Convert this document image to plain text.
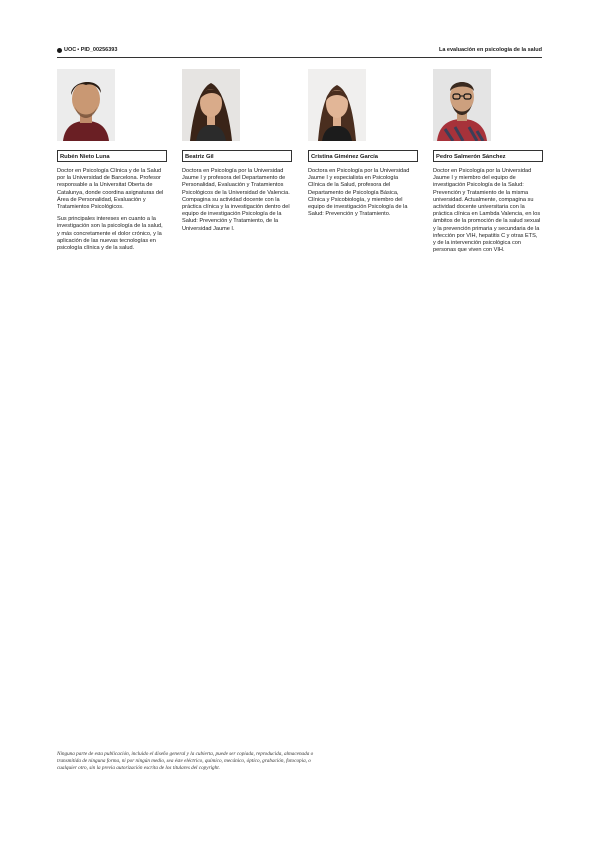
UOC • PID_00256393	La evaluación en psicología de la salud
Rubén Nieto Luna

Doctor en Psicología Clínica y de la Salud por la Universidad de Barcelona. Profesor responsable a la Universitat Oberta de Catalunya, donde coordina asignaturas del Área de Personalidad, Evaluación y Tratamientos Psicológicos.

Sus principales intereses en cuanto a la investigación son la psicología de la salud, y más concretamente el dolor crónico, y la aplicación de las nuevas tecnologías en psicología clínica y de la salud.

Beatriz Gil

Doctora en Psicología por la Universidad Jaume I y profesora del Departamento de Personalidad, Evaluación y Tratamientos Psicológicos de la Universidad de Valencia. Compagina su actividad docente con la práctica clínica y la investigación dentro del equipo de investigación Psicología de la Salud: Prevención y Tratamiento, de la Universidad Jaume I.

Cristina Giménez García

Doctora en Psicología por la Universidad Jaume I y especialista en Psicología Clínica de la Salud, profesora del Departamento de Psicología Básica, Clínica y Psicobiología, y miembro del equipo de investigación Psicología de la Salud: Prevención y Tratamiento.

Pedro Salmerón Sánchez

Doctor en Psicología por la Universidad Jaume I y miembro del equipo de investigación Psicología de la Salud: Prevención y Tratamiento de la misma universidad. Actualmente, compagina su actividad docente universitaria con la práctica clínica en Lambda Valencia, en los ámbitos de la promoción de la salud sexual y la prevención primaria y secundaria de la infección por VIH, hepatitis C y otras ETS, y de la intervención psicológica con personas que viven con VIH.

Ninguna parte de esta publicación, incluido el diseño general y la cubierta, puede ser copiada, reproducida, almacenada o transmitida de ninguna forma, ni por ningún medio, sea éste eléctrico, químico, mecánico, óptico, grabación, fotocopia, o cualquier otro, sin la previa autorización escrita de los titulares del copyright.
